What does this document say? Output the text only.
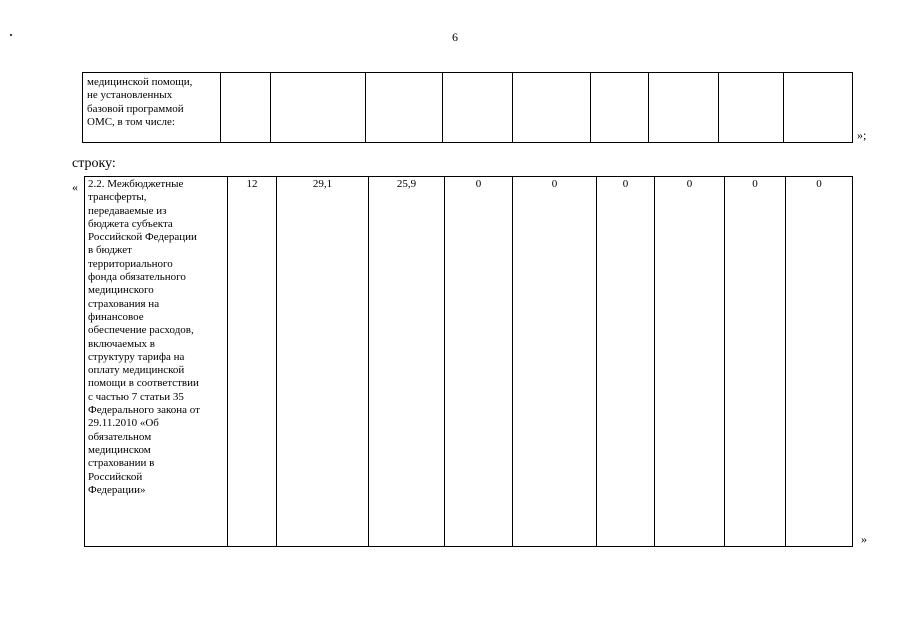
6
медицинской помощи,
не установленных
базовой программой
ОМС, в том числе:

»;
строку:
« 2.2. Межбюджетные
трансферты,
передаваемые из
бюджета субъекта
Российской Федерации
в бюджет
территориального
фонда обязательного
медицинского
страхования на
финансовое
обеспечение расходов,
включаемых в
структуру тарифа на
оплату медицинской
помощи в соответствии
с частью 7 статьи 35
Федерального закона от
29.11.2010 «Об
обязательном
медицинском
страховании в
Российской
Федерации»
	12	29,1	25,9	0	0	0	0	0	0
»
